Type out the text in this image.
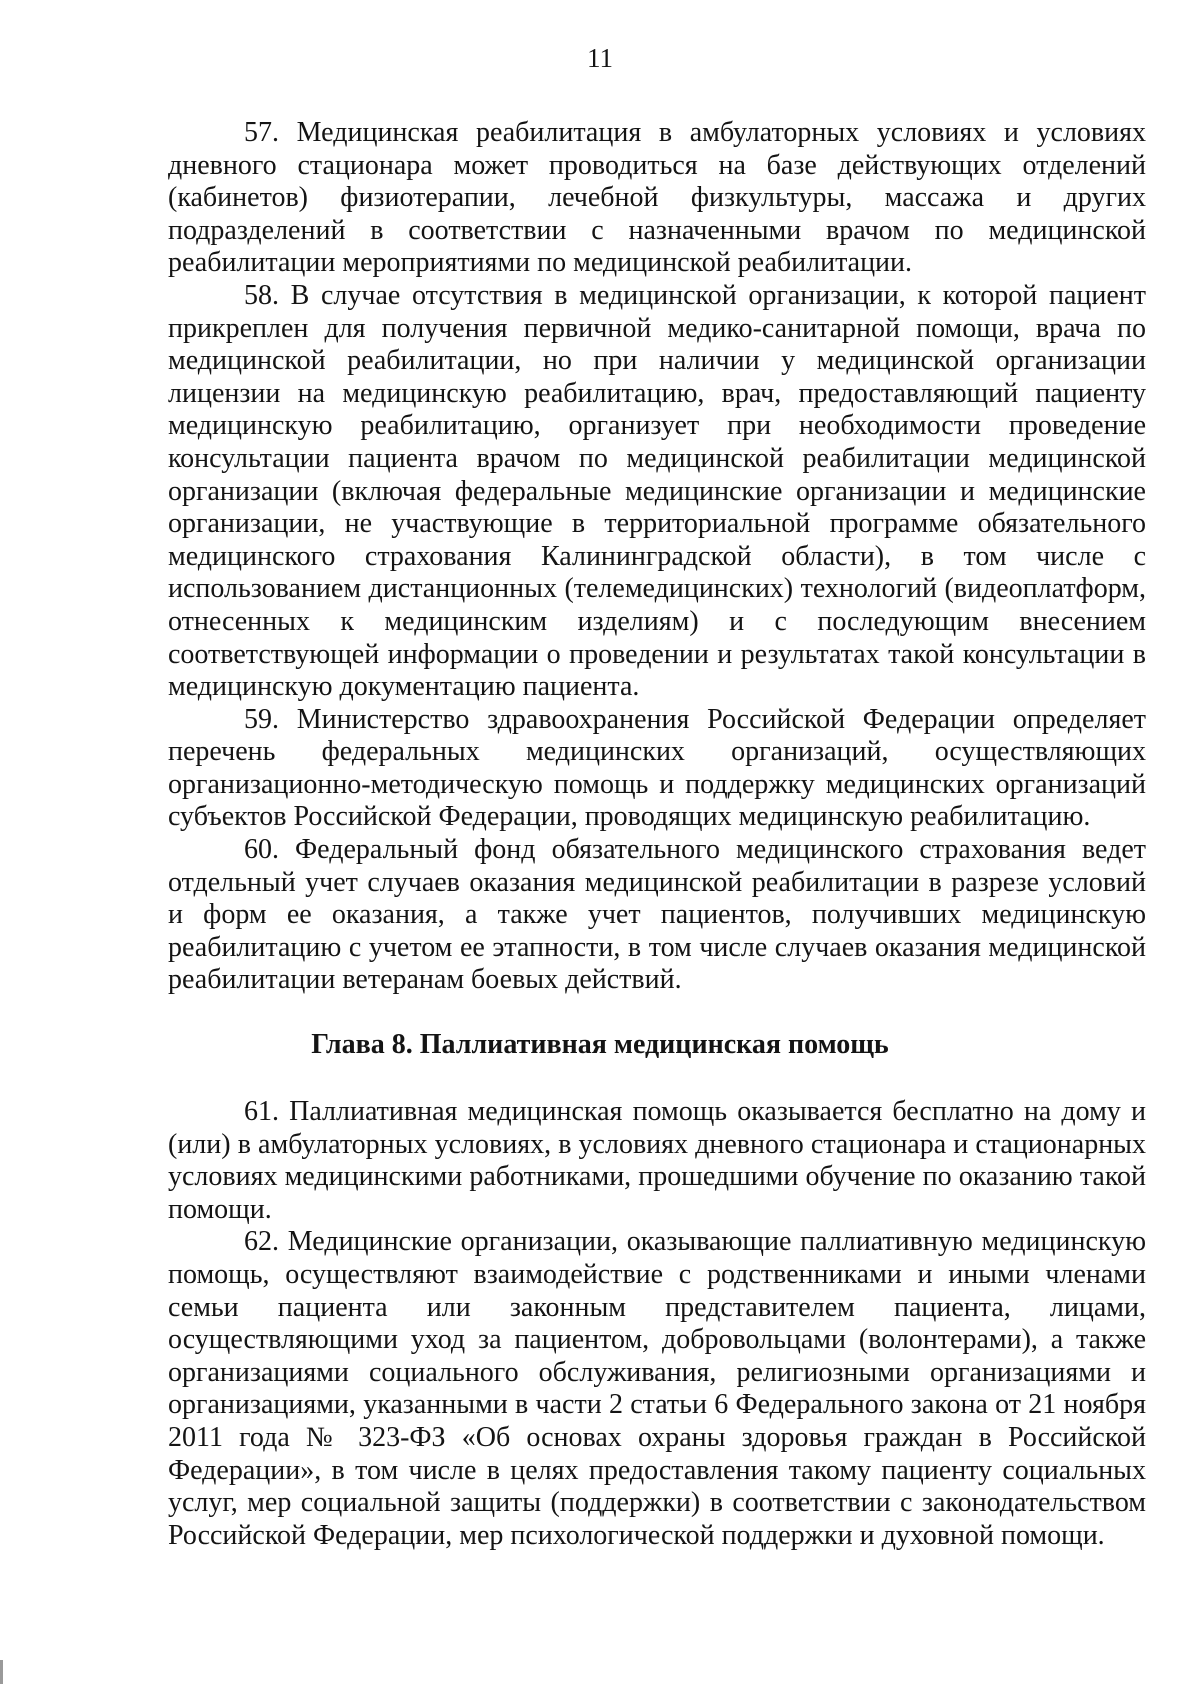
11

57. Медицинская реабилитация в амбулаторных условиях и условиях дневного стационара может проводиться на базе действующих отделений (кабинетов) физиотерапии, лечебной физкультуры, массажа и других подразделений в соответствии с назначенными врачом по медицинской реабилитации мероприятиями по медицинской реабилитации.

58. В случае отсутствия в медицинской организации, к которой пациент прикреплен для получения первичной медико-санитарной помощи, врача по медицинской реабилитации, но при наличии у медицинской организации лицензии на медицинскую реабилитацию, врач, предоставляющий пациенту медицинскую реабилитацию, организует при необходимости проведение консультации пациента врачом по медицинской реабилитации медицинской организации (включая федеральные медицинские организации и медицинские организации, не участвующие в территориальной программе обязательного медицинского страхования Калининградской области), в том числе с использованием дистанционных (телемедицинских) технологий (видеоплатформ, отнесенных к медицинским изделиям) и с последующим внесением соответствующей информации о проведении и результатах такой консультации в медицинскую документацию пациента.

59. Министерство здравоохранения Российской Федерации определяет перечень федеральных медицинских организаций, осуществляющих организационно-методическую помощь и поддержку медицинских организаций субъектов Российской Федерации, проводящих медицинскую реабилитацию.

60. Федеральный фонд обязательного медицинского страхования ведет отдельный учет случаев оказания медицинской реабилитации в разрезе условий и форм ее оказания, а также учет пациентов, получивших медицинскую реабилитацию с учетом ее этапности, в том числе случаев оказания медицинской реабилитации ветеранам боевых действий.

Глава 8. Паллиативная медицинская помощь

61. Паллиативная медицинская помощь оказывается бесплатно на дому и (или) в амбулаторных условиях, в условиях дневного стационара и стационарных условиях медицинскими работниками, прошедшими обучение по оказанию такой помощи.

62. Медицинские организации, оказывающие паллиативную медицинскую помощь, осуществляют взаимодействие с родственниками и иными членами семьи пациента или законным представителем пациента, лицами, осуществляющими уход за пациентом, добровольцами (волонтерами), а также организациями социального обслуживания, религиозными организациями и организациями, указанными в части 2 статьи 6 Федерального закона от 21 ноября 2011 года № 323-ФЗ «Об основах охраны здоровья граждан в Российской Федерации», в том числе в целях предоставления такому пациенту социальных услуг, мер социальной защиты (поддержки) в соответствии с законодательством Российской Федерации, мер психологической поддержки и духовной помощи.
